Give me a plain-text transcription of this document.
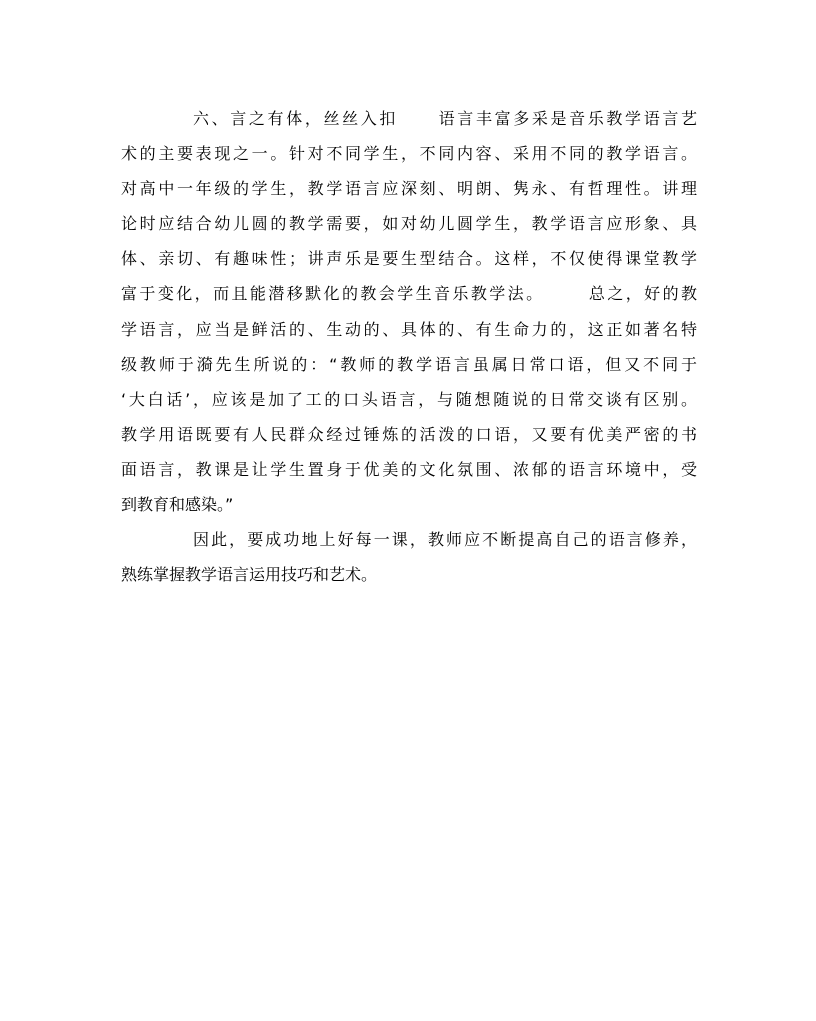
六、言之有体，丝丝入扣 语言丰富多采是音乐教学语言艺
术的主要表现之一。针对不同学生，不同内容、采用不同的教学语言。
对高中一年级的学生，教学语言应深刻、明朗、隽永、有哲理性。讲理
论时应结合幼儿圆的教学需要，如对幼儿圆学生，教学语言应形象、具
体、亲切、有趣味性；讲声乐是要生型结合。这样，不仅使得课堂教学
富于变化，而且能潜移默化的教会学生音乐教学法。	总之，好的教
学语言，应当是鲜活的、生动的、具体的、有生命力的，这正如著名特
级教师于漪先生所说的：“教师的教学语言虽属日常口语，但又不同于
‘大白话’，应该是加了工的口头语言，与随想随说的日常交谈有区别。
教学用语既要有人民群众经过锤炼的活泼的口语，又要有优美严密的书
面语言，教课是让学生置身于优美的文化氛围、浓郁的语言环境中，受
到教育和感染。”
因此，要成功地上好每一课，教师应不断提高自己的语言修养，
熟练掌握教学语言运用技巧和艺术。
